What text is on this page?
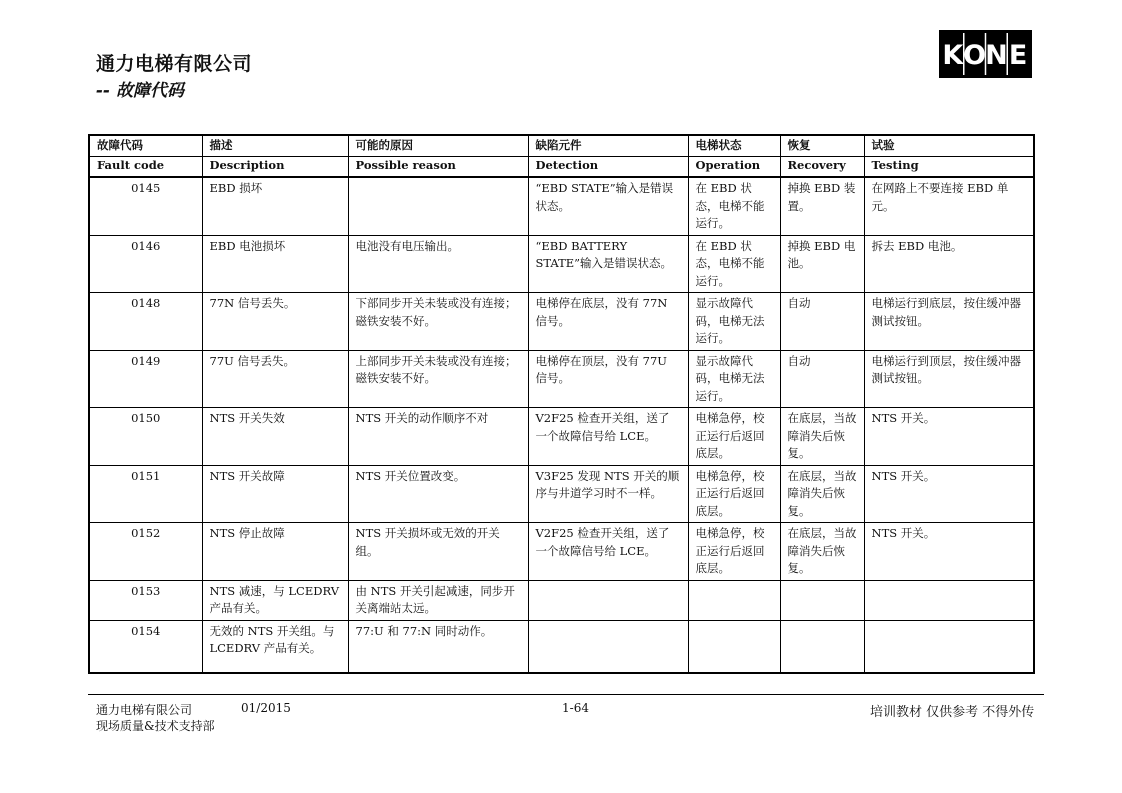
通力电梯有限公司
-- 故障代码
K O N E
故障代码	描述	可能的原因	缺陷元件	电梯状态	恢复	试验
Fault code	Description	Possible reason	Detection	Operation	Recovery	Testing
0145	EBD 损坏		“EBD STATE”输入是错误状态。	在 EBD 状态，电梯不能运行。	掉换 EBD 装置。	在网路上不要连接 EBD 单元。
0146	EBD 电池损坏	电池没有电压输出。	“EBD BATTERY STATE”输入是错误状态。	在 EBD 状态，电梯不能运行。	掉换 EBD 电池。	拆去 EBD 电池。
0148	77N 信号丢失。	下部同步开关未装或没有连接；磁铁安装不好。	电梯停在底层，没有 77N 信号。	显示故障代码，电梯无法运行。	自动	电梯运行到底层，按住缓冲器测试按钮。
0149	77U 信号丢失。	上部同步开关未装或没有连接；磁铁安装不好。	电梯停在顶层，没有 77U 信号。	显示故障代码，电梯无法运行。	自动	电梯运行到顶层，按住缓冲器测试按钮。
0150	NTS 开关失效	NTS 开关的动作顺序不对	V2F25 检查开关组，送了一个故障信号给 LCE。	电梯急停，校正运行后返回底层。	在底层，当故障消失后恢复。	NTS 开关。
0151	NTS 开关故障	NTS 开关位置改变。	V3F25 发现 NTS 开关的顺序与井道学习时不一样。	电梯急停，校正运行后返回底层。	在底层，当故障消失后恢复。	NTS 开关。
0152	NTS 停止故障	NTS 开关损坏或无效的开关组。	V2F25 检查开关组，送了一个故障信号给 LCE。	电梯急停，校正运行后返回底层。	在底层，当故障消失后恢复。	NTS 开关。
0153	NTS 减速，与 LCEDRV 产品有关。	由 NTS 开关引起减速，同步开关离端站太远。				
0154	无效的 NTS 开关组。与 LCEDRV 产品有关。	77:U 和 77:N 同时动作。				
通力电梯有限公司	01/2015
现场质量&技术支持部
1-64	培训教材 仅供参考 不得外传
